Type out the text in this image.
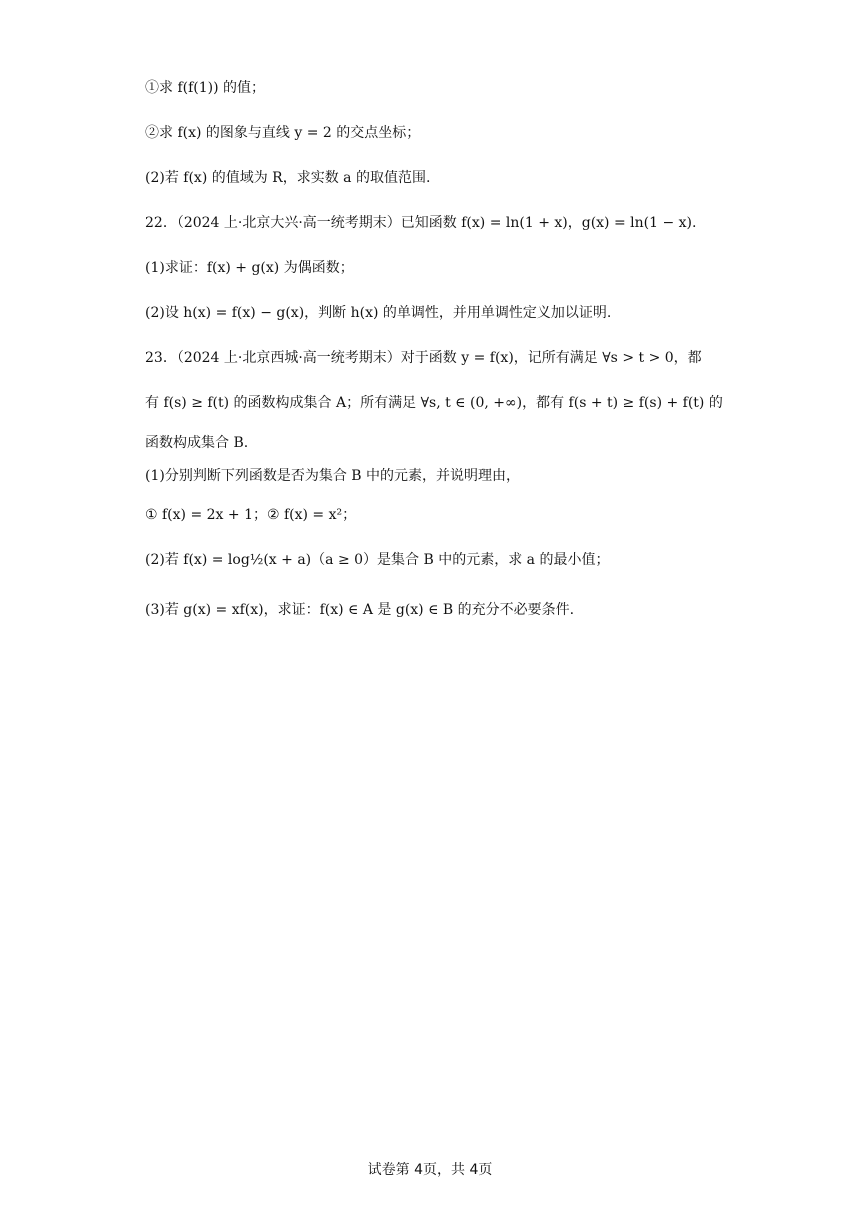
①求 f(f(1)) 的值；
②求 f(x) 的图象与直线 y = 2 的交点坐标；
(2)若 f(x) 的值域为 R，求实数 a 的取值范围.
22．（2024 上·北京大兴·高一统考期末）已知函数 f(x) = ln(1 + x)，g(x) = ln(1 − x).
(1)求证：f(x) + g(x) 为偶函数；
(2)设 h(x) = f(x) − g(x)，判断 h(x) 的单调性，并用单调性定义加以证明.
23．（2024 上·北京西城·高一统考期末）对于函数 y = f(x)，记所有满足 ∀s > t > 0，都
有 f(s) ≥ f(t) 的函数构成集合 A；所有满足 ∀s, t ∈ (0, +∞)，都有 f(s + t) ≥ f(s) + f(t) 的
函数构成集合 B.
(1)分别判断下列函数是否为集合 B 中的元素，并说明理由，
① f(x) = 2x + 1；② f(x) = x²；
(2)若 f(x) = log½(x + a)（a ≥ 0）是集合 B 中的元素，求 a 的最小值；
(3)若 g(x) = xf(x)，求证：f(x) ∈ A 是 g(x) ∈ B 的充分不必要条件.
试卷第 4页，共 4页
